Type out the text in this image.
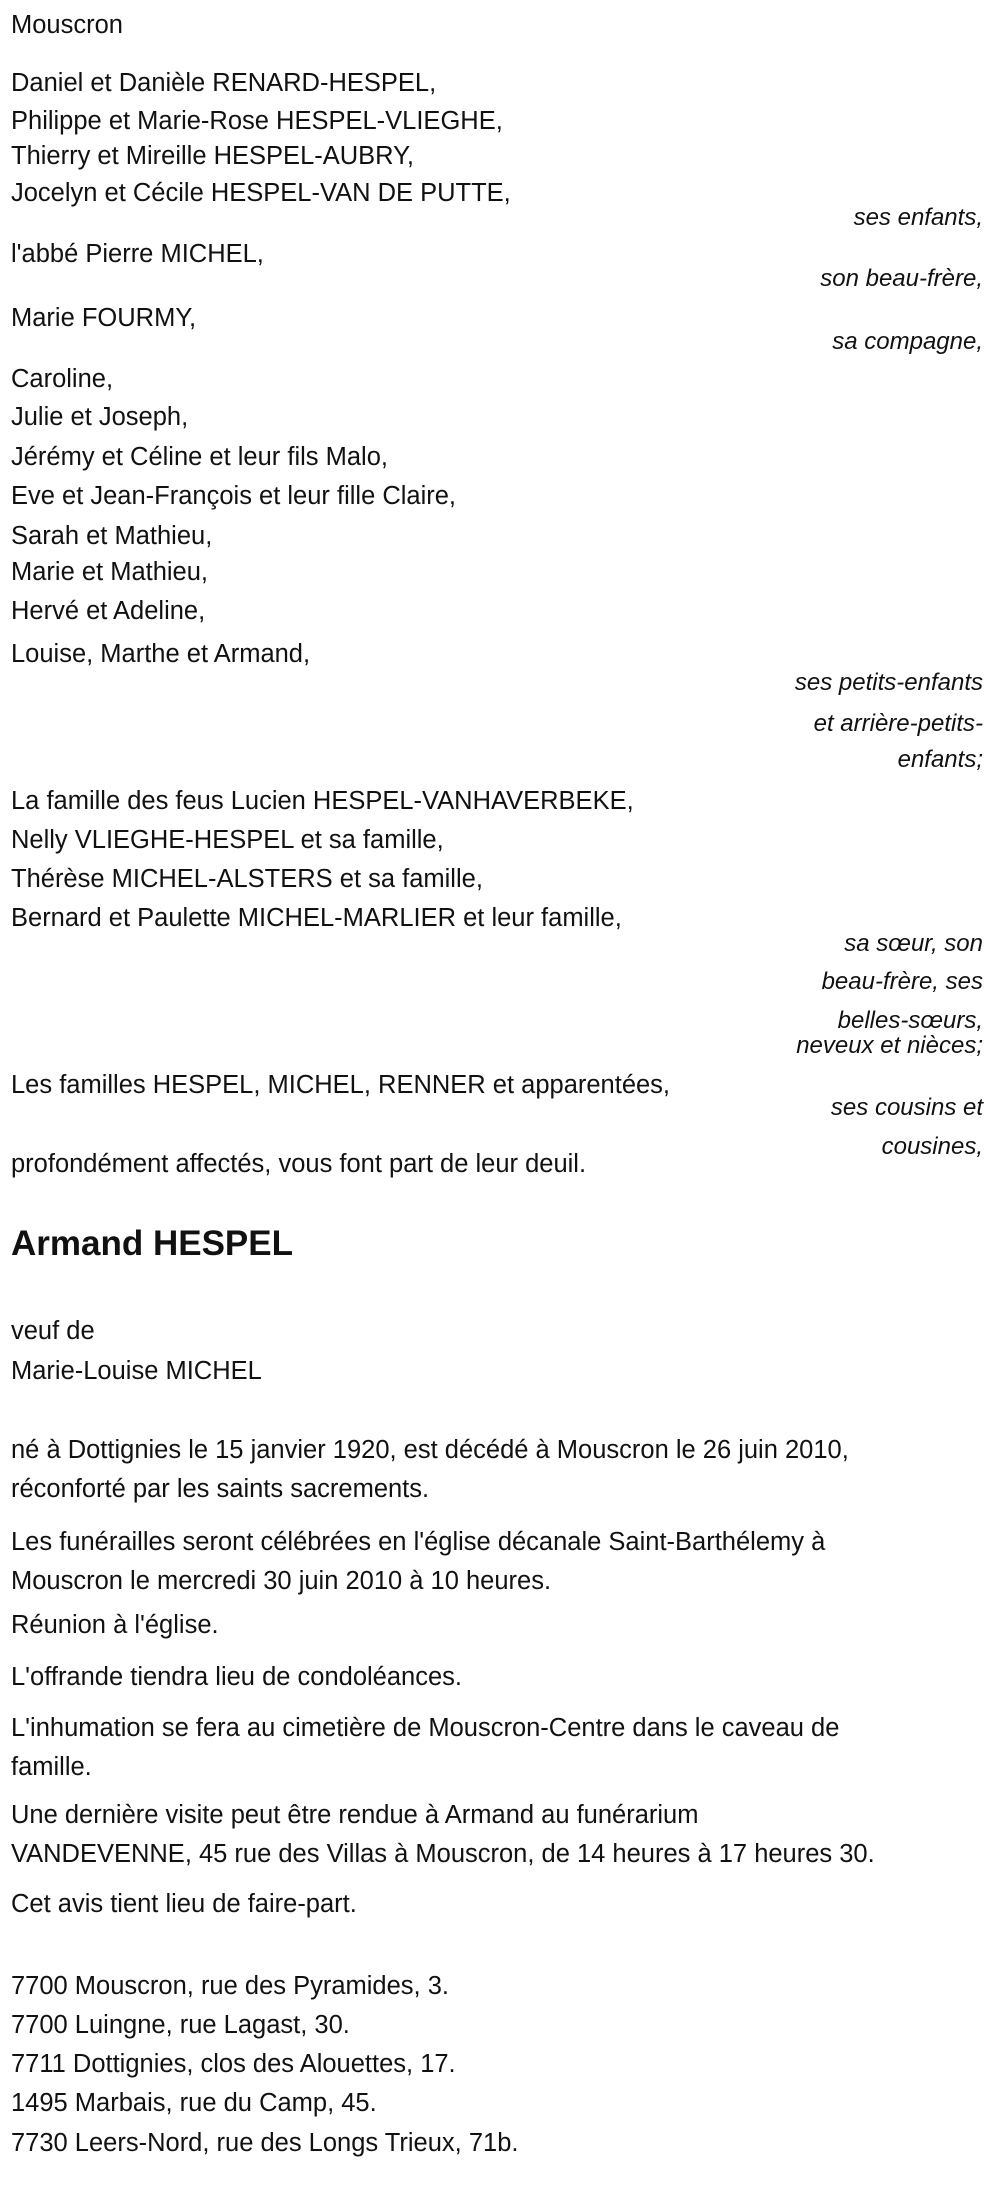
Mouscron
Daniel et Danièle RENARD-HESPEL,
Philippe et Marie-Rose HESPEL-VLIEGHE,
Thierry et Mireille HESPEL-AUBRY,
Jocelyn et Cécile HESPEL-VAN DE PUTTE,
ses enfants,
l'abbé Pierre MICHEL,
son beau-frère,
Marie FOURMY,
sa compagne,
Caroline,
Julie et Joseph,
Jérémy et Céline et leur fils Malo,
Eve et Jean-François et leur fille Claire,
Sarah et Mathieu,
Marie et Mathieu,
Hervé et Adeline,
Louise, Marthe et Armand,
ses petits-enfants
et arrière-petits-
enfants;
La famille des feus Lucien HESPEL-VANHAVERBEKE,
Nelly VLIEGHE-HESPEL et sa famille,
Thérèse MICHEL-ALSTERS et sa famille,
Bernard et Paulette MICHEL-MARLIER et leur famille,
sa sœur, son
beau-frère, ses
belles-sœurs,
neveux et nièces;
Les familles HESPEL, MICHEL, RENNER et apparentées,
ses cousins et
cousines,
profondément affectés, vous font part de leur deuil.
Armand HESPEL
veuf de
Marie-Louise MICHEL
né à Dottignies le 15 janvier 1920, est décédé à Mouscron le 26 juin 2010,
réconforté par les saints sacrements.
Les funérailles seront célébrées en l'église décanale Saint-Barthélemy à
Mouscron le mercredi 30 juin 2010 à 10 heures.
Réunion à l'église.
L'offrande tiendra lieu de condoléances.
L'inhumation se fera au cimetière de Mouscron-Centre dans le caveau de
famille.
Une dernière visite peut être rendue à Armand au funérarium
VANDEVENNE, 45 rue des Villas à Mouscron, de 14 heures à 17 heures 30.
Cet avis tient lieu de faire-part.
7700 Mouscron, rue des Pyramides, 3.
7700 Luingne, rue Lagast, 30.
7711 Dottignies, clos des Alouettes, 17.
1495 Marbais, rue du Camp, 45.
7730 Leers-Nord, rue des Longs Trieux, 71b.
